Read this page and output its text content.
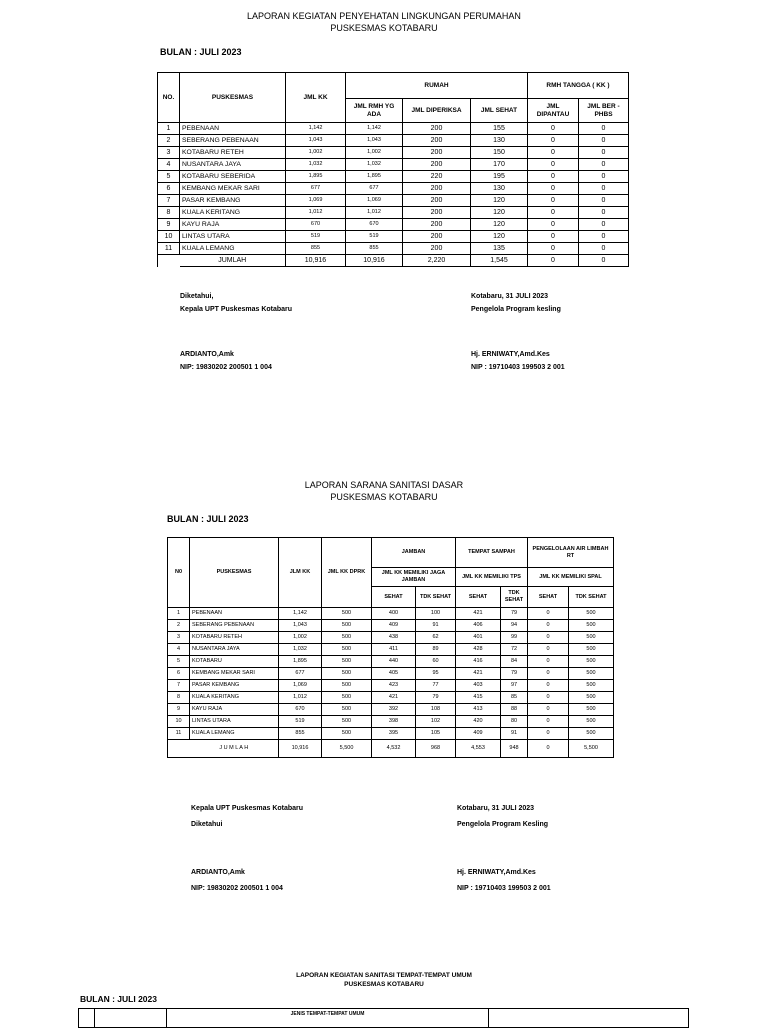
LAPORAN KEGIATAN PENYEHATAN LINGKUNGAN PERUMAHAN
PUSKESMAS KOTABARU
BULAN : JULI 2023
NO.	PUSKESMAS	JML KK	RUMAH			RMH TANGGA ( KK )	
			JML RMH YG ADA	JML DIPERIKSA	JML SEHAT	JML DIPANTAU	JML BER - PHBS
1	PEBENAAN	1,142	1,142	200	155	0	0
2	SEBERANG PEBENAAN	1,043	1,043	200	130	0	0
3	KOTABARU RETEH	1,002	1,002	200	150	0	0
4	NUSANTARA JAYA	1,032	1,032	200	170	0	0
5	KOTABARU SEBERIDA	1,895	1,895	220	195	0	0
6	KEMBANG MEKAR SARI	677	677	200	130	0	0
7	PASAR KEMBANG	1,069	1,069	200	120	0	0
8	KUALA KERITANG	1,012	1,012	200	120	0	0
9	KAYU RAJA	670	670	200	120	0	0
10	LINTAS UTARA	519	519	200	120	0	0
11	KUALA LEMANG	855	855	200	135	0	0
	JUMLAH	10,916	10,916	2,220	1,545	0	0
Diketahui,
Kepala UPT Puskesmas Kotabaru
ARDIANTO,Amk
NIP: 19830202 200501 1 004
Kotabaru, 31 JULI 2023
Pengelola Program kesling
Hj. ERNIWATY,Amd.Kes
NIP : 19710403 199503 2 001
LAPORAN SARANA SANITASI DASAR
PUSKESMAS KOTABARU
BULAN : JULI 2023
N0	PUSKESMAS	JLM KK	JML KK DPRK	JAMBAN		TEMPAT SAMPAH		PENGELOLAAN AIR LIMBAH RT	
				JML KK MEMILIKI JAGA JAMBAN		JML KK MEMILIKI TPS		JML KK MEMILIKI SPAL	
				SEHAT	TDK SEHAT	SEHAT	TDK SEHAT	SEHAT	TDK SEHAT
1	PEBENAAN	1,142	500	400	100	421	79	0	500
2	SEBERANG PEBENAAN	1,043	500	409	91	406	94	0	500
3	KOTABARU RETEH	1,002	500	438	62	401	99	0	500
4	NUSANTARA JAYA	1,032	500	411	89	428	72	0	500
5	KOTABARU	1,895	500	440	60	416	84	0	500
6	KEMBANG MEKAR SARI	677	500	405	95	421	79	0	500
7	PASAR KEMBANG	1,069	500	423	77	403	97	0	500
8	KUALA KERITANG	1,012	500	421	79	415	85	0	500
9	KAYU RAJA	670	500	392	108	413	88	0	500
10	LINTAS UTARA	519	500	398	102	420	80	0	500
11	KUALA LEMANG	855	500	395	105	409	91	0	500
	J U M L A H	10,916	5,500	4,532	968	4,553	948	0	5,500
Kepala UPT Puskesmas Kotabaru
Diketahui
ARDIANTO,Amk
NIP: 19830202 200501 1 004
Kotabaru, 31 JULI 2023
Pengelola Program Kesling
Hj. ERNIWATY,Amd.Kes
NIP : 19710403 199503 2 001
LAPORAN KEGIATAN SANITASI TEMPAT-TEMPAT UMUM
PUSKESMAS KOTABARU
BULAN : JULI 2023
		JENIS TEMPAT-TEMPAT UMUM	
